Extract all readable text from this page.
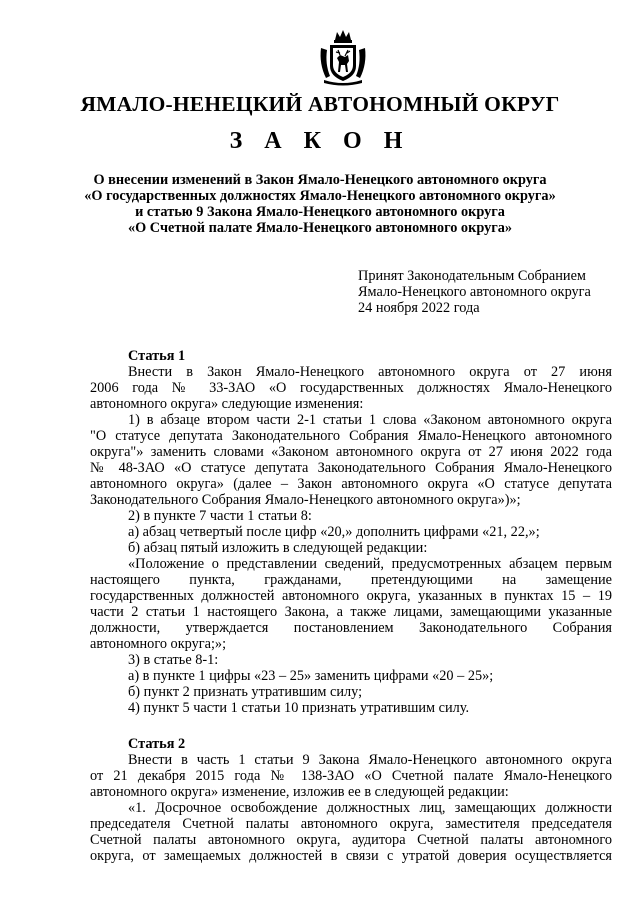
ЯМАЛО-НЕНЕЦКИЙ АВТОНОМНЫЙ ОКРУГ
З А К О Н
О внесении изменений в Закон Ямало-Ненецкого автономного округа
«О государственных должностях Ямало-Ненецкого автономного округа»
и статью 9 Закона Ямало-Ненецкого автономного округа
«О Счетной палате Ямало-Ненецкого автономного округа»
Принят Законодательным Собранием
Ямало-Ненецкого автономного округа
24 ноября 2022 года
Статья 1
Внести в Закон Ямало-Ненецкого автономного округа от 27 июня
2006 года № 33-ЗАО «О государственных должностях Ямало-Ненецкого
автономного округа» следующие изменения:
1) в абзаце втором части 2-1 статьи 1 слова «Законом автономного округа
"О статусе депутата Законодательного Собрания Ямало-Ненецкого автономного
округа"» заменить словами «Законом автономного округа от 27 июня 2022 года
№ 48-ЗАО «О статусе депутата Законодательного Собрания Ямало-Ненецкого
автономного округа» (далее – Закон автономного округа «О статусе депутата
Законодательного Собрания Ямало-Ненецкого автономного округа»)»;
2) в пункте 7 части 1 статьи 8:
а) абзац четвертый после цифр «20,» дополнить цифрами «21, 22,»;
б) абзац пятый изложить в следующей редакции:
«Положение о представлении сведений, предусмотренных абзацем первым
настоящего пункта, гражданами, претендующими на замещение
государственных должностей автономного округа, указанных в пунктах 15 – 19
части 2 статьи 1 настоящего Закона, а также лицами, замещающими указанные
должности, утверждается постановлением Законодательного Собрания
автономного округа;»;
3) в статье 8-1:
а) в пункте 1 цифры «23 – 25» заменить цифрами «20 – 25»;
б) пункт 2 признать утратившим силу;
4) пункт 5 части 1 статьи 10 признать утратившим силу.
Статья 2
Внести в часть 1 статьи 9 Закона Ямало-Ненецкого автономного округа
от 21 декабря 2015 года № 138-ЗАО «О Счетной палате Ямало-Ненецкого
автономного округа» изменение, изложив ее в следующей редакции:
«1. Досрочное освобождение должностных лиц, замещающих должности
председателя Счетной палаты автономного округа, заместителя председателя
Счетной палаты автономного округа, аудитора Счетной палаты автономного
округа, от замещаемых должностей в связи с утратой доверия осуществляется
